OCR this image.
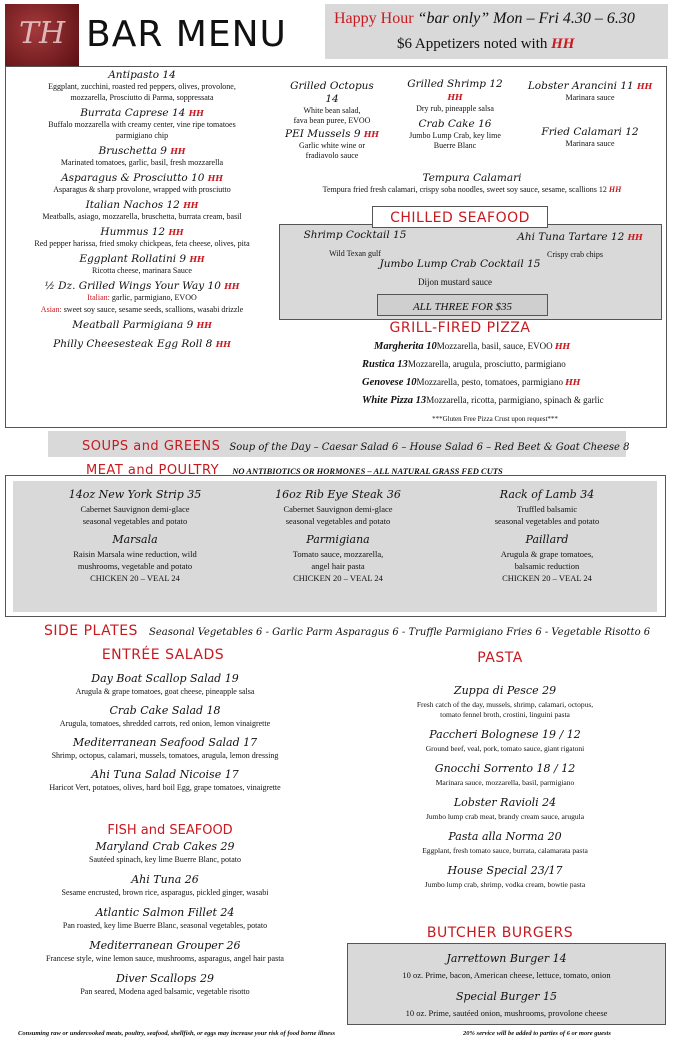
TH BAR MENU	Happy Hour “bar only” Mon – Fri 4.30 – 6.30
$6 Appetizers noted with HH
Antipasto 14
Eggplant, zucchini, roasted red peppers, olives, provolone,
mozzarella, Prosciutto di Parma, soppressata
Burrata Caprese 14 HH
Buffalo mozzarella with creamy center, vine ripe tomatoes
parmigiano chip
Bruschetta 9 HH
Marinated tomatoes, garlic, basil, fresh mozzarella
Asparagus & Prosciutto 10 HH
Asparagus & sharp provolone, wrapped with prosciutto
Italian Nachos 12 HH
Meatballs, asiago, mozzarella, bruschetta, burrata cream, basil
Hummus 12 HH
Red pepper harissa, fried smoky chickpeas, feta cheese, olives, pita
Eggplant Rollatini 9 HH
Ricotta cheese, marinara Sauce
½ Dz. Grilled Wings Your Way 10 HH
Italian: garlic, parmigiano, EVOO
Asian: sweet soy sauce, sesame seeds, scallions, wasabi drizzle
Meatball Parmigiana 9 HH
Philly Cheesesteak Egg Roll 8 HH
Grilled Octopus 14
White bean salad,
fava bean puree, EVOO
Grilled Shrimp 12 HH
Dry rub, pineapple salsa
Lobster Arancini 11 HH
Marinara sauce
PEI Mussels 9 HH
Garlic white wine or
fradiavolo sauce
Crab Cake 16
Jumbo Lump Crab, key lime
Buerre Blanc
Fried Calamari 12
Marinara sauce
Tempura Calamari
Tempura fried fresh calamari, crispy soba noodles, sweet soy sauce, sesame, scallions 12 HH
CHILLED SEAFOOD
Shrimp Cocktail 15
Wild Texan gulf
Ahi Tuna Tartare 12 HH
Crispy crab chips
Jumbo Lump Crab Cocktail 15
Dijon mustard sauce
ALL THREE FOR $35
GRILL-FIRED PIZZA
Margherita 10Mozzarella, basil, sauce, EVOO HH
Rustica 13Mozzarella, arugula, prosciutto, parmigiano
Genovese 10Mozzarella, pesto, tomatoes, parmigiano HH
White Pizza 13Mozzarella, ricotta, parmigiano, spinach & garlic
***Gluten Free Pizza Crust upon request***
SOUPS and GREENS Soup of the Day – Caesar Salad 6 – House Salad 6 – Red Beet & Goat Cheese 8
MEAT and POULTRY NO ANTIBIOTICS OR HORMONES – ALL NATURAL GRASS FED CUTS
14oz New York Strip 35
Cabernet Sauvignon demi-glace
seasonal vegetables and potato
Marsala
Raisin Marsala wine reduction, wild
mushrooms, vegetable and potato
CHICKEN 20 – VEAL 24
16oz Rib Eye Steak 36
Cabernet Sauvignon demi-glace
seasonal vegetables and potato
Parmigiana
Tomato sauce, mozzarella,
angel hair pasta
CHICKEN 20 – VEAL 24
Rack of Lamb 34
Truffled balsamic
seasonal vegetables and potato
Paillard
Arugula & grape tomatoes,
balsamic reduction
CHICKEN 20 – VEAL 24
SIDE PLATES Seasonal Vegetables 6 - Garlic Parm Asparagus 6 - Truffle Parmigiano Fries 6 - Vegetable Risotto 6
ENTRÉE SALADS
Day Boat Scallop Salad 19
Arugula & grape tomatoes, goat cheese, pineapple salsa
Crab Cake Salad 18
Arugula, tomatoes, shredded carrots, red onion, lemon vinaigrette
Mediterranean Seafood Salad 17
Shrimp, octopus, calamari, mussels, tomatoes, arugula, lemon dressing
Ahi Tuna Salad Nicoise 17
Haricot Vert, potatoes, olives, hard boil Egg, grape tomatoes, vinaigrette
FISH and SEAFOOD
Maryland Crab Cakes 29
Sautéed spinach, key lime Buerre Blanc, potato
Ahi Tuna 26
Sesame encrusted, brown rice, asparagus, pickled ginger, wasabi
Atlantic Salmon Fillet 24
Pan roasted, key lime Buerre Blanc, seasonal vegetables, potato
Mediterranean Grouper 26
Francese style, wine lemon sauce, mushrooms, asparagus, angel hair pasta
Diver Scallops 29
Pan seared, Modena aged balsamic, vegetable risotto
PASTA
Zuppa di Pesce 29
Fresh catch of the day, mussels, shrimp, calamari, octopus,
tomato fennel broth, crostini, linguini pasta
Paccheri Bolognese 19 / 12
Ground beef, veal, pork, tomato sauce, giant rigatoni
Gnocchi Sorrento 18 / 12
Marinara sauce, mozzarella, basil, parmigiano
Lobster Ravioli 24
Jumbo lump crab meat, brandy cream sauce, arugula
Pasta alla Norma 20
Eggplant, fresh tomato sauce, burrata, calamarata pasta
House Special 23/17
Jumbo lump crab, shrimp, vodka cream, bowtie pasta
BUTCHER BURGERS
Jarrettown Burger 14
10 oz. Prime, bacon, American cheese, lettuce, tomato, onion
Special Burger 15
10 oz. Prime, sautéed onion, mushrooms, provolone cheese
Consuming raw or undercooked meats, poultry, seafood, shellfish, or eggs may increase your risk of food borne illness	20% service will be added to parties of 6 or more guests
